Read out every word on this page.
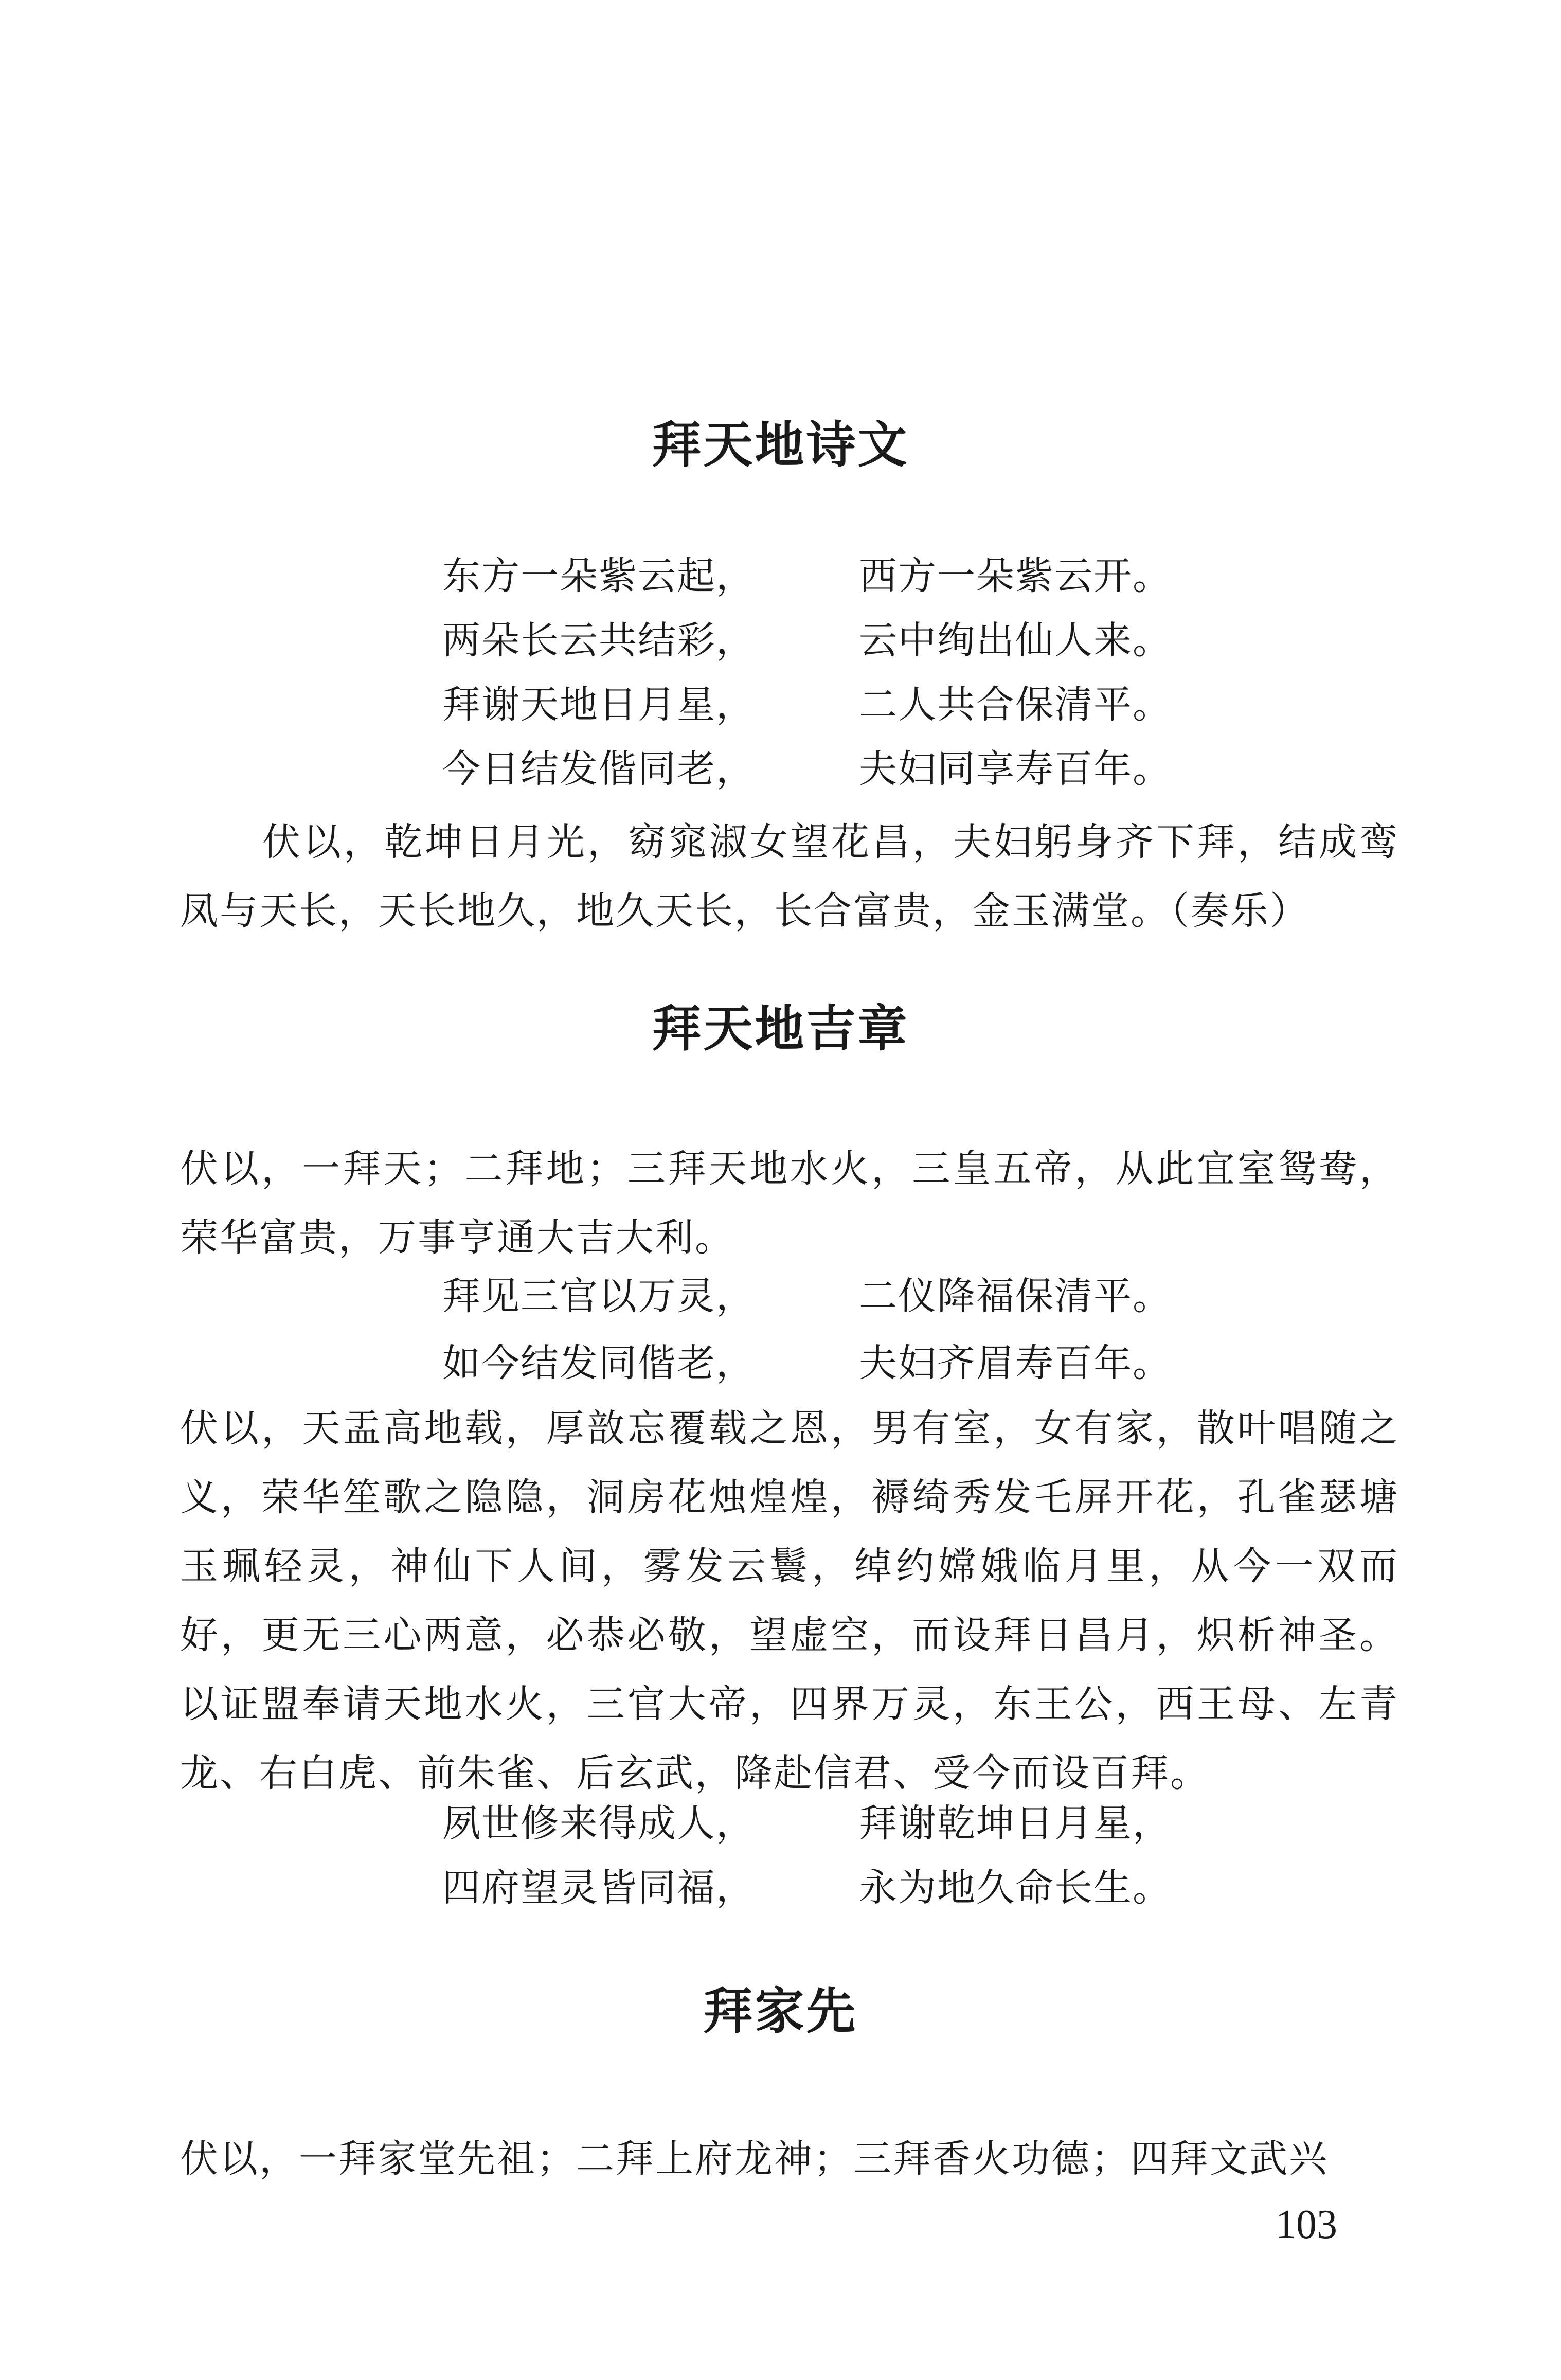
拜天地诗文
东方一朵紫云起，	西方一朵紫云开。
两朵长云共结彩，	云中绚出仙人来。
拜谢天地日月星，	二人共合保清平。
今日结发偕同老，	夫妇同享寿百年。
伏以，乾坤日月光，窈窕淑女望花昌，夫妇躬身齐下拜，结成鸾凤与天长，天长地久，地久天长，长合富贵，金玉满堂。（奏乐）
拜天地吉章
伏以，一拜天；二拜地；三拜天地水火，三皇五帝，从此宜室鸳鸯，荣华富贵，万事亨通大吉大利。
拜见三官以万灵，	二仪降福保清平。
如今结发同偕老，	夫妇齐眉寿百年。
伏以，天盂高地载，厚敨忘覆载之恩，男有室，女有家，散叶唱随之义，荣华笙歌之隐隐，洞房花烛煌煌，褥绮秀发乇屏开花，孔雀瑟塘玉珮轻灵，神仙下人间，雾发云鬟，绰约嫦娥临月里，从今一双而好，更无三心两意，必恭必敬，望虚空，而设拜日昌月，炽析神圣。以证盟奉请天地水火，三官大帝，四界万灵，东王公，西王母、左青龙、右白虎、前朱雀、后玄武，降赴信君、受今而设百拜。
夙世修来得成人，	拜谢乾坤日月星，
四府望灵皆同福，	永为地久命长生。
拜家先
伏以，一拜家堂先祖；二拜上府龙神；三拜香火功德；四拜文武兴
103
